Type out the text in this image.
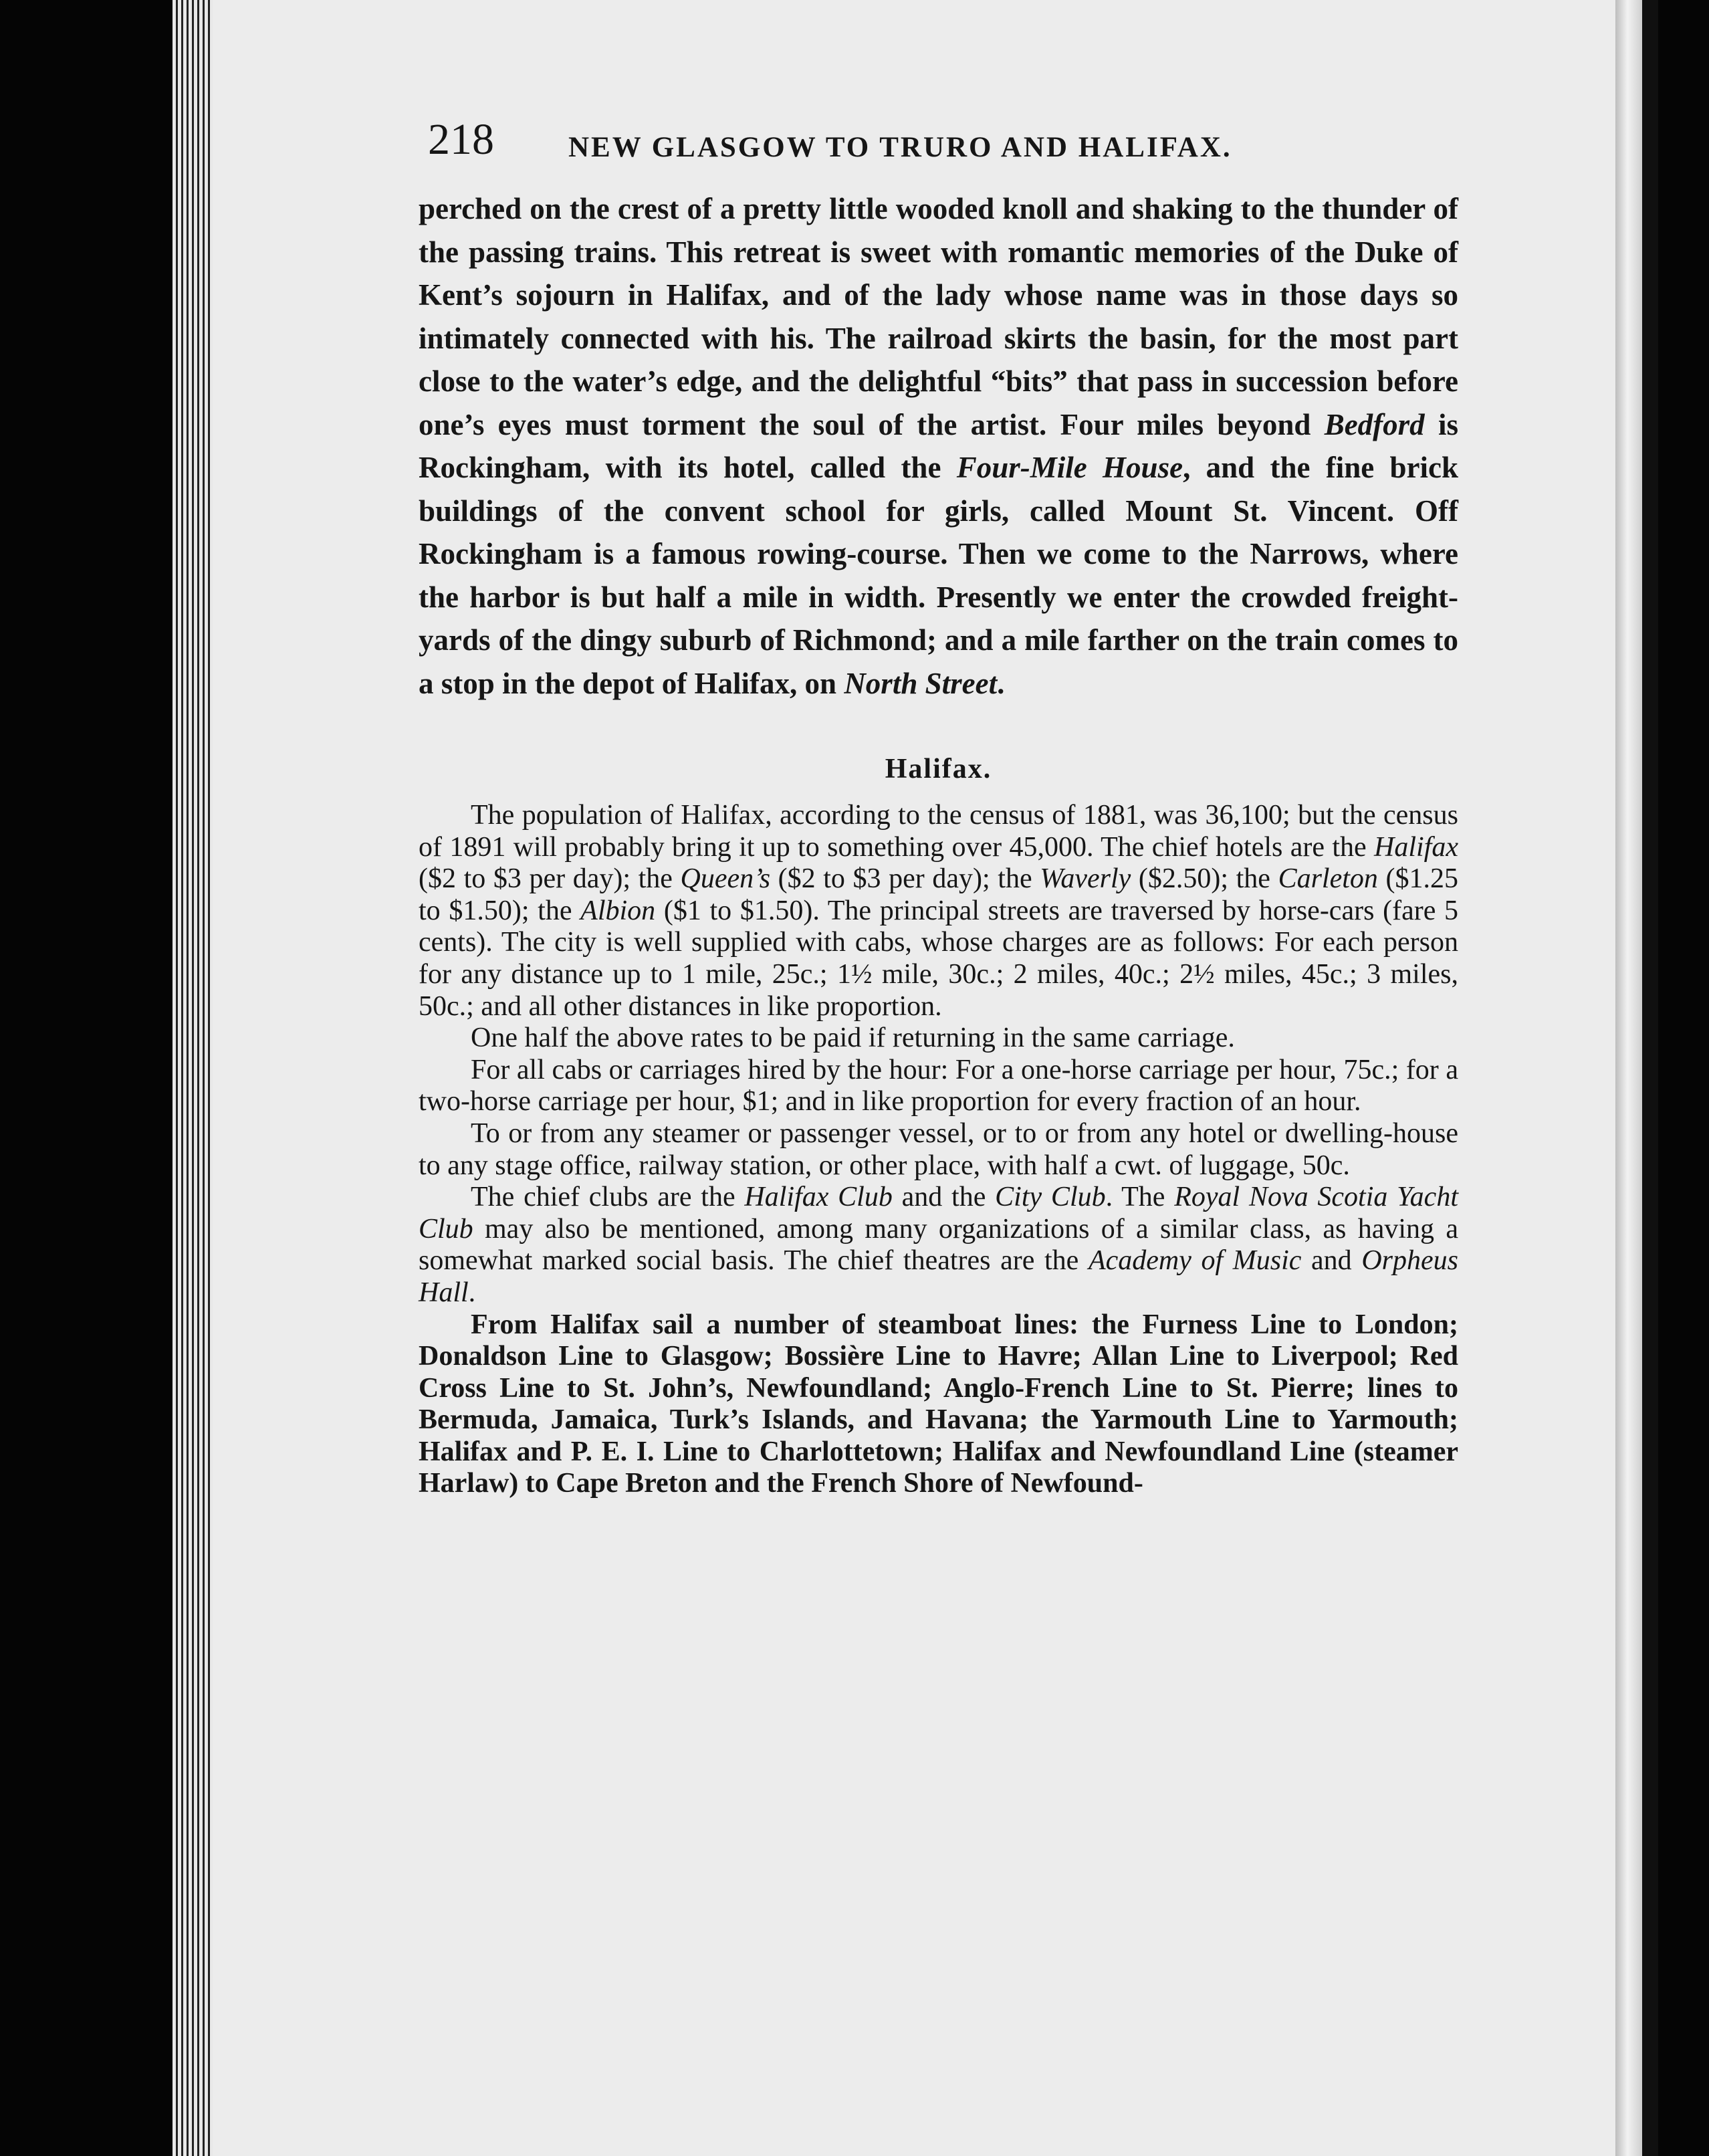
218	NEW GLASGOW TO TRURO AND HALIFAX.

perched on the crest of a pretty little wooded knoll and shaking to the thunder of the passing trains. This retreat is sweet with romantic memories of the Duke of Kent’s sojourn in Halifax, and of the lady whose name was in those days so intimately connected with his. The railroad skirts the basin, for the most part close to the water’s edge, and the delightful “bits” that pass in succession before one’s eyes must torment the soul of the artist. Four miles beyond Bedford is Rockingham, with its hotel, called the Four-Mile House, and the fine brick buildings of the convent school for girls, called Mount St. Vincent. Off Rockingham is a famous rowing-course. Then we come to the Narrows, where the harbor is but half a mile in width. Presently we enter the crowded freight-yards of the dingy suburb of Richmond; and a mile farther on the train comes to a stop in the depot of Halifax, on North Street.

Halifax.

The population of Halifax, according to the census of 1881, was 36,100; but the census of 1891 will probably bring it up to something over 45,000. The chief hotels are the Halifax ($2 to $3 per day); the Queen’s ($2 to $3 per day); the Waverly ($2.50); the Carleton ($1.25 to $1.50); the Albion ($1 to $1.50). The principal streets are traversed by horse-cars (fare 5 cents). The city is well supplied with cabs, whose charges are as follows: For each person for any distance up to 1 mile, 25c.; 1½ mile, 30c.; 2 miles, 40c.; 2½ miles, 45c.; 3 miles, 50c.; and all other distances in like proportion.

One half the above rates to be paid if returning in the same carriage.

For all cabs or carriages hired by the hour: For a one-horse carriage per hour, 75c.; for a two-horse carriage per hour, $1; and in like proportion for every fraction of an hour.

To or from any steamer or passenger vessel, or to or from any hotel or dwelling-house to any stage office, railway station, or other place, with half a cwt. of luggage, 50c.

The chief clubs are the Halifax Club and the City Club. The Royal Nova Scotia Yacht Club may also be mentioned, among many organizations of a similar class, as having a somewhat marked social basis. The chief theatres are the Academy of Music and Orpheus Hall.

From Halifax sail a number of steamboat lines: the Furness Line to London; Donaldson Line to Glasgow; Bossière Line to Havre; Allan Line to Liverpool; Red Cross Line to St. John’s, Newfoundland; Anglo-French Line to St. Pierre; lines to Bermuda, Jamaica, Turk’s Islands, and Havana; the Yarmouth Line to Yarmouth; Halifax and P. E. I. Line to Charlottetown; Halifax and Newfoundland Line (steamer Harlaw) to Cape Breton and the French Shore of Newfound-
